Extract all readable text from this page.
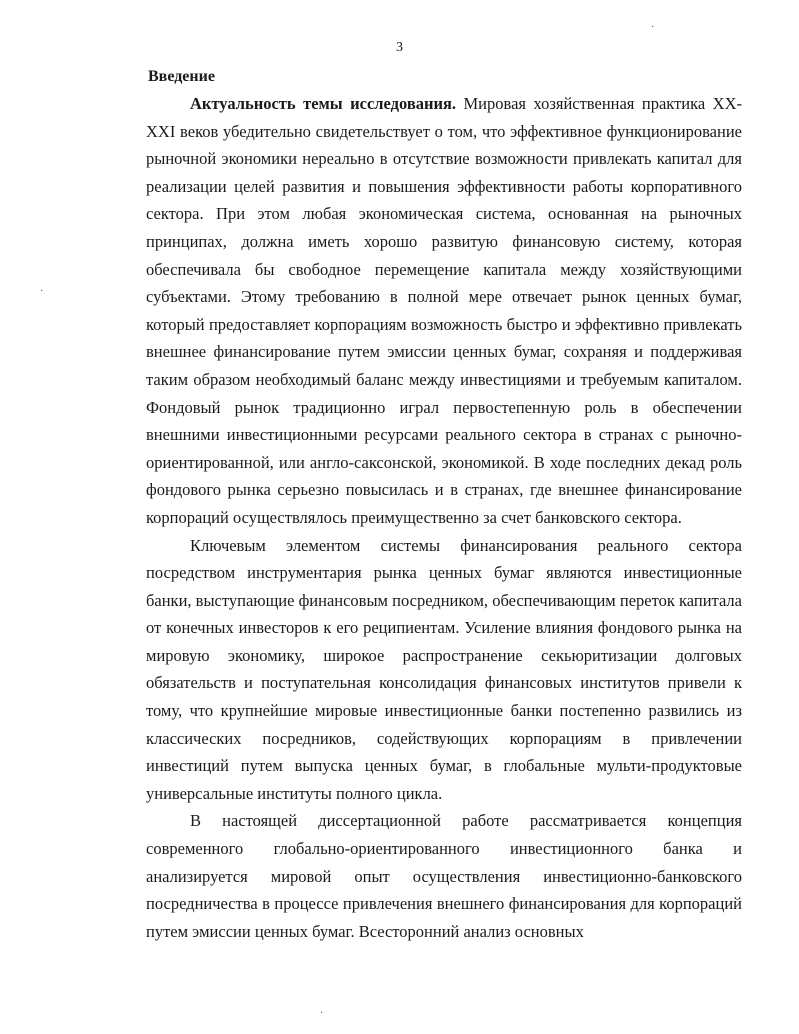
3
Введение

Актуальность темы исследования. Мировая хозяйственная практика XX-XXI веков убедительно свидетельствует о том, что эффективное функционирование рыночной экономики нереально в отсутствие возможности привлекать капитал для реализации целей развития и повышения эффективности работы корпоративного сектора. При этом любая экономическая система, основанная на рыночных принципах, должна иметь хорошо развитую финансовую систему, которая обеспечивала бы свободное перемещение капитала между хозяйствующими субъектами. Этому требованию в полной мере отвечает рынок ценных бумаг, который предоставляет корпорациям возможность быстро и эффективно привлекать внешнее финансирование путем эмиссии ценных бумаг, сохраняя и поддерживая таким образом необходимый баланс между инвестициями и требуемым капиталом. Фондовый рынок традиционно играл первостепенную роль в обеспечении внешними инвестиционными ресурсами реального сектора в странах с рыночно-ориентированной, или англо-саксонской, экономикой. В ходе последних декад роль фондового рынка серьезно повысилась и в странах, где внешнее финансирование корпораций осуществлялось преимущественно за счет банковского сектора.

Ключевым элементом системы финансирования реального сектора посредством инструментария рынка ценных бумаг являются инвестиционные банки, выступающие финансовым посредником, обеспечивающим переток капитала от конечных инвесторов к его реципиентам. Усиление влияния фондового рынка на мировую экономику, широкое распространение секьюритизации долговых обязательств и поступательная консолидация финансовых институтов привели к тому, что крупнейшие мировые инвестиционные банки постепенно развились из классических посредников, содействующих корпорациям в привлечении инвестиций путем выпуска ценных бумаг, в глобальные мульти-продуктовые универсальные институты полного цикла.

В настоящей диссертационной работе рассматривается концепция современного глобально-ориентированного инвестиционного банка и анализируется мировой опыт осуществления инвестиционно-банковского посредничества в процессе привлечения внешнего финансирования для корпораций путем эмиссии ценных бумаг. Всесторонний анализ основных

·
·
·
